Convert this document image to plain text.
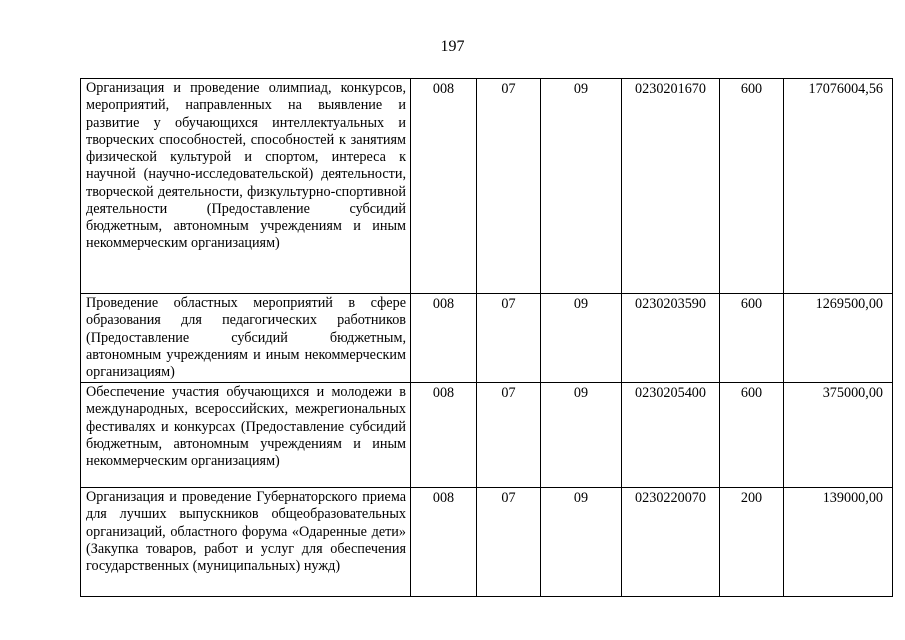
197
Организация и проведение олимпиад, конкурсов, мероприятий, направленных на выявление и развитие у обучающихся интеллектуальных и творческих способностей, способностей к занятиям физической культурой и спортом, интереса к научной (научно-исследовательской) деятельности, творческой деятельности, физкультурно-спортивной деятельности (Предоставление субсидий бюджетным, автономным учреждениям и иным некоммерческим организациям)	008	07	09	0230201670	600	17076004,56
Проведение областных мероприятий в сфере образования для педагогических работников (Предоставление субсидий бюджетным, автономным учреждениям и иным некоммерческим организациям)	008	07	09	0230203590	600	1269500,00
Обеспечение участия обучающихся и молодежи в международных, всероссийских, межрегиональных фестивалях и конкурсах (Предоставление субсидий бюджетным, автономным учреждениям и иным некоммерческим организациям)	008	07	09	0230205400	600	375000,00
Организация и проведение Губернаторского приема для лучших выпускников общеобразовательных организаций, областного форума «Одаренные дети» (Закупка товаров, работ и услуг для обеспечения государственных (муниципальных) нужд)	008	07	09	0230220070	200	139000,00
